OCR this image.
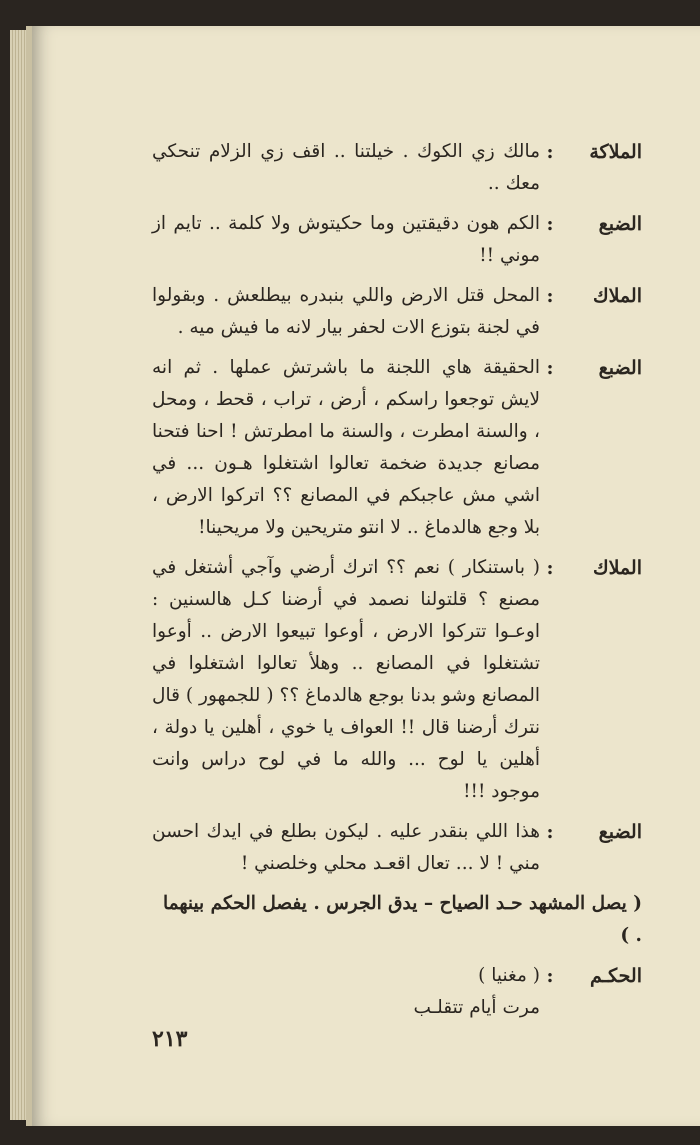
الملاكة
:
مالك زي الكوك . خيلتنا .. اقف زي الزلام تنحكي معك ..
الضبع
:
الكم هون دقيقتين وما حكيتوش ولا كلمة .. تايم از موني !!
الملاك
:
المحل قتل الارض واللي بنبدره بيطلعش . وبقولوا في لجنة بتوزع الات لحفر بيار لانه ما فيش ميه .
الضبع
:
الحقيقة هاي اللجنة ما باشرتش عملها . ثم انه لايش توجعوا راسكم ، أرض ، تراب ، قحط ، ومحل ، والسنة امطرت ، والسنة ما امطرتش ! احنا فتحنا مصانع جديدة ضخمة تعالوا اشتغلوا هـون ... في اشي مش عاجبكم في المصانع ؟؟ اتركوا الارض ، بلا وجع هالدماغ .. لا انتو متريحين ولا مريحينا!
الملاك
:
( باستنكار ) نعم ؟؟ اترك أرضي وآجي أشتغل في مصنع ؟ قلتولنا نصمد في أرضنا كـل هالسنين : اوعـوا تتركوا الارض ، أوعوا تبيعوا الارض .. أوعوا تشتغلوا في المصانع .. وهلأ تعالوا اشتغلوا في المصانع وشو بدنا بوجع هالدماغ ؟؟ ( للجمهور ) قال نترك أرضنا قال !! العواف يا خوي ، أهلين يا دولة ، أهلين يا لوح ... والله ما في لوح دراس وانت موجود !!!
الضبع
:
هذا اللي بنقدر عليه . ليكون بطلع في ايدك احسن مني ! لا ... تعال اقعـد محلي وخلصني !
( يصل المشهد حـد الصياح – يدق الجرس . يفصل الحكم بينهما . )
الحكـم
:
( مغنيا )
مرت أيام تتقلـب
٢١٣
